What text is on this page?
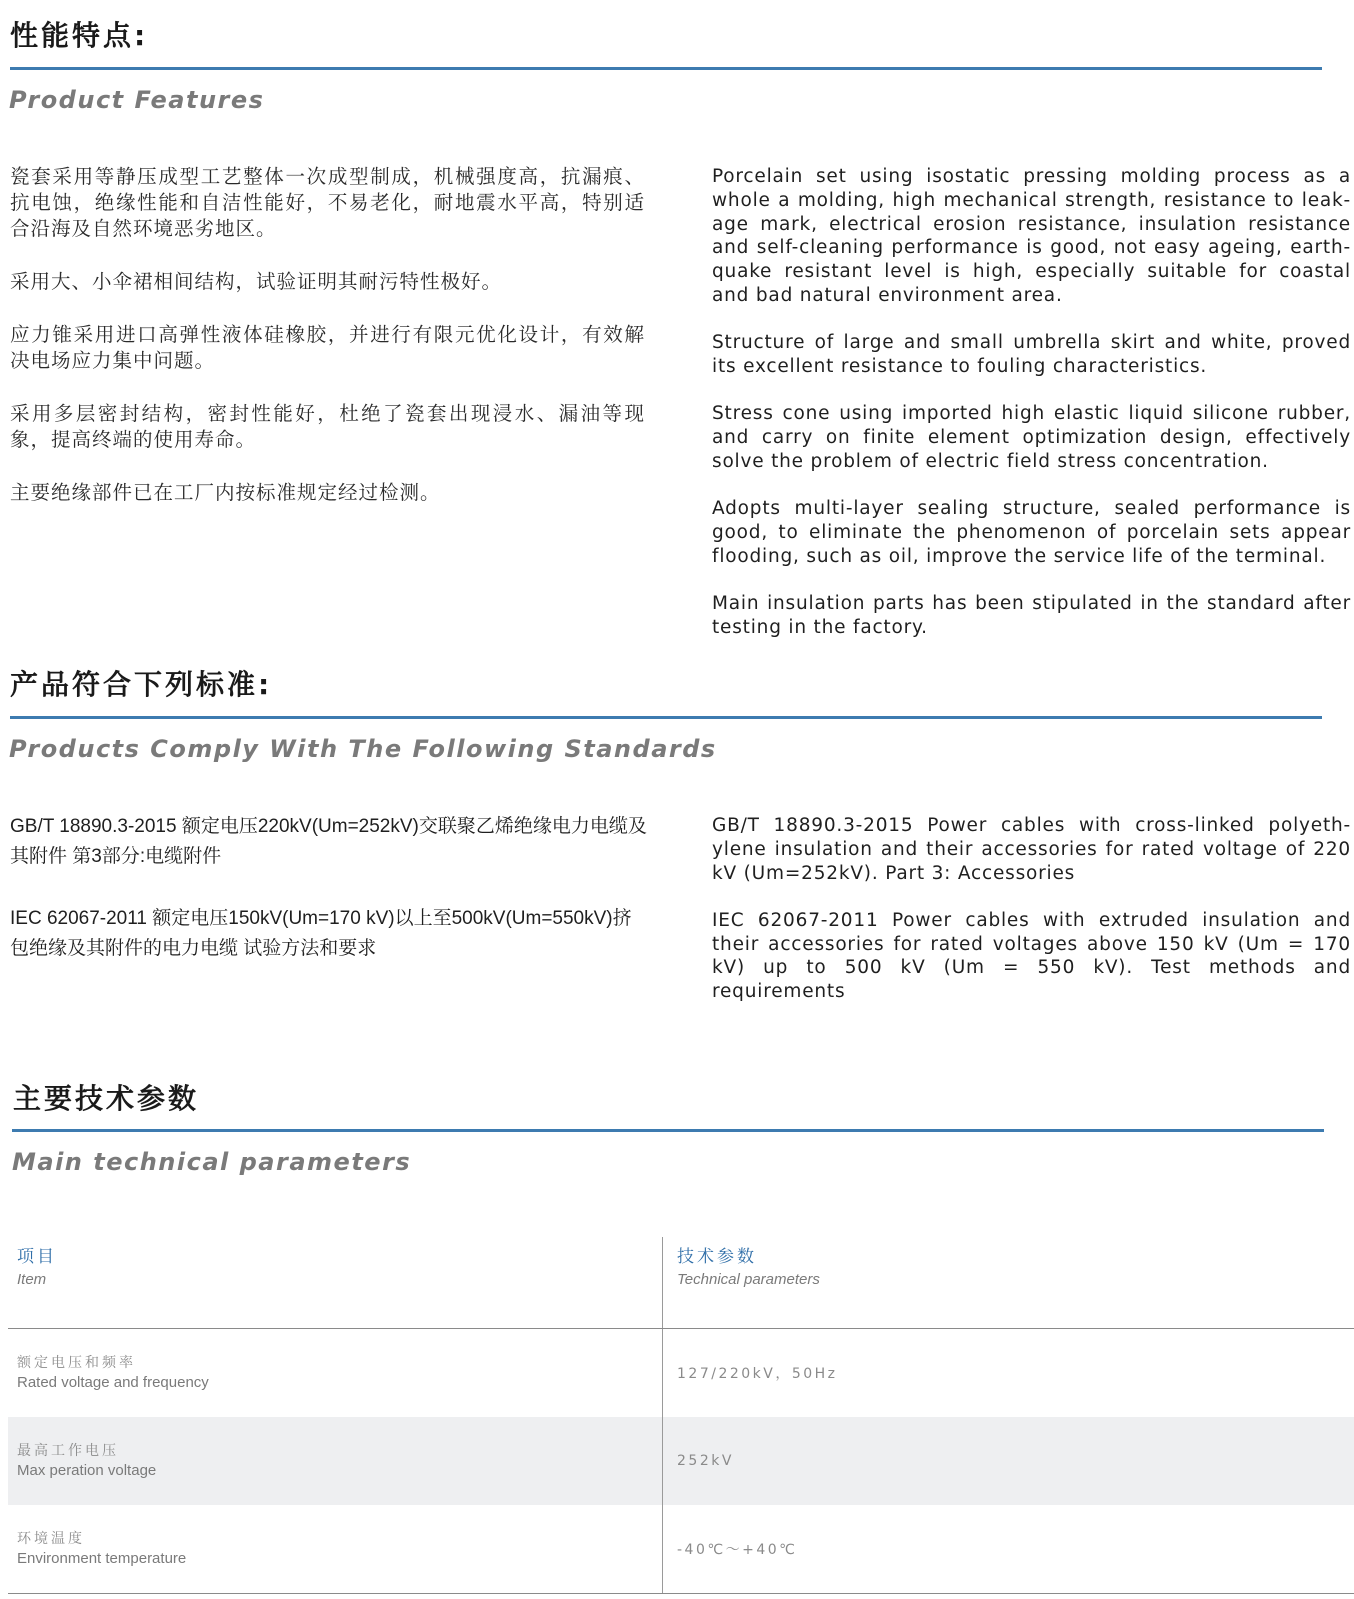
性能特点:
Product Features

瓷套采用等静压成型工艺整体一次成型制成，机械强度高，抗漏痕、抗电蚀，绝缘性能和自洁性能好，不易老化，耐地震水平高，特别适合沿海及自然环境恶劣地区。

采用大、小伞裙相间结构，试验证明其耐污特性极好。

应力锥采用进口高弹性液体硅橡胶，并进行有限元优化设计，有效解决电场应力集中问题。

采用多层密封结构，密封性能好，杜绝了瓷套出现浸水、漏油等现象，提高终端的使用寿命。

主要绝缘部件已在工厂内按标准规定经过检测。

Porcelain set using isostatic pressing molding process as a whole a molding, high mechanical strength, resistance to leak-age mark, electrical erosion resistance, insulation resistance and self-cleaning performance is good, not easy ageing, earth-quake resistant level is high, especially suitable for coastal and bad natural environment area.

Structure of large and small umbrella skirt and white, proved its excellent resistance to fouling characteristics.

Stress cone using imported high elastic liquid silicone rubber, and carry on finite element optimization design, effectively solve the problem of electric field stress concentration.

Adopts multi-layer sealing structure, sealed performance is good, to eliminate the phenomenon of porcelain sets appear flooding, such as oil, improve the service life of the terminal.

Main insulation parts has been stipulated in the standard after testing in the factory.

产品符合下列标准:
Products Comply With The Following Standards

GB/T 18890.3-2015 额定电压220kV(Um=252kV)交联聚乙烯绝缘电力电缆及其附件 第3部分:电缆附件

IEC 62067-2011 额定电压150kV(Um=170 kV)以上至500kV(Um=550kV)挤包绝缘及其附件的电力电缆 试验方法和要求

GB/T 18890.3-2015 Power cables with cross-linked polyeth-ylene insulation and their accessories for rated voltage of 220 kV (Um=252kV). Part 3: Accessories

IEC 62067-2011 Power cables with extruded insulation and their accessories for rated voltages above 150 kV (Um = 170 kV) up to 500 kV (Um = 550 kV). Test methods and requirements

主要技术参数
Main technical parameters
项目
Item
技术参数
Technical parameters
额定电压和频率
Rated voltage and frequency	127/220kV，50Hz
最高工作电压
Max peration voltage
252kV
环境温度
Environment temperature	-40℃～+40℃
